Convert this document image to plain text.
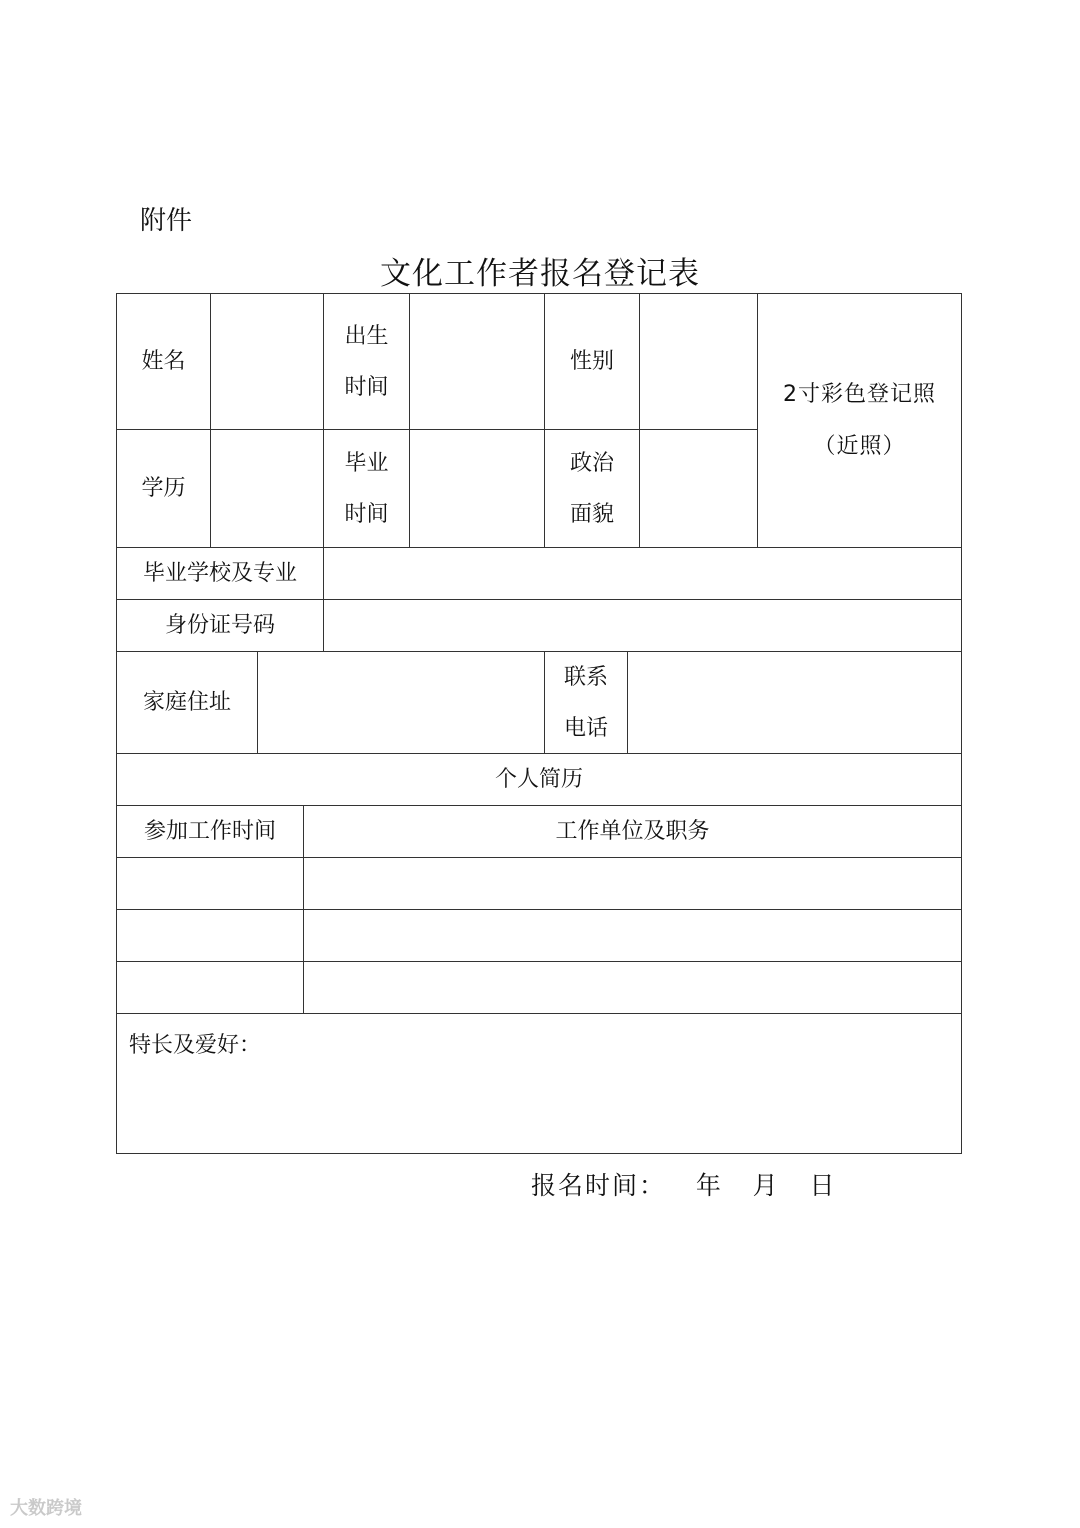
附件
文化工作者报名登记表
姓名
出生
时间
性别
2寸彩色登记照
（近照）
学历
毕业
时间
政治
面貌
毕业学校及专业
身份证号码
家庭住址
联系
电话
个人简历
参加工作时间	工作单位及职务
特长及爱好：
报名时间：   年   月   日
大数跨境
